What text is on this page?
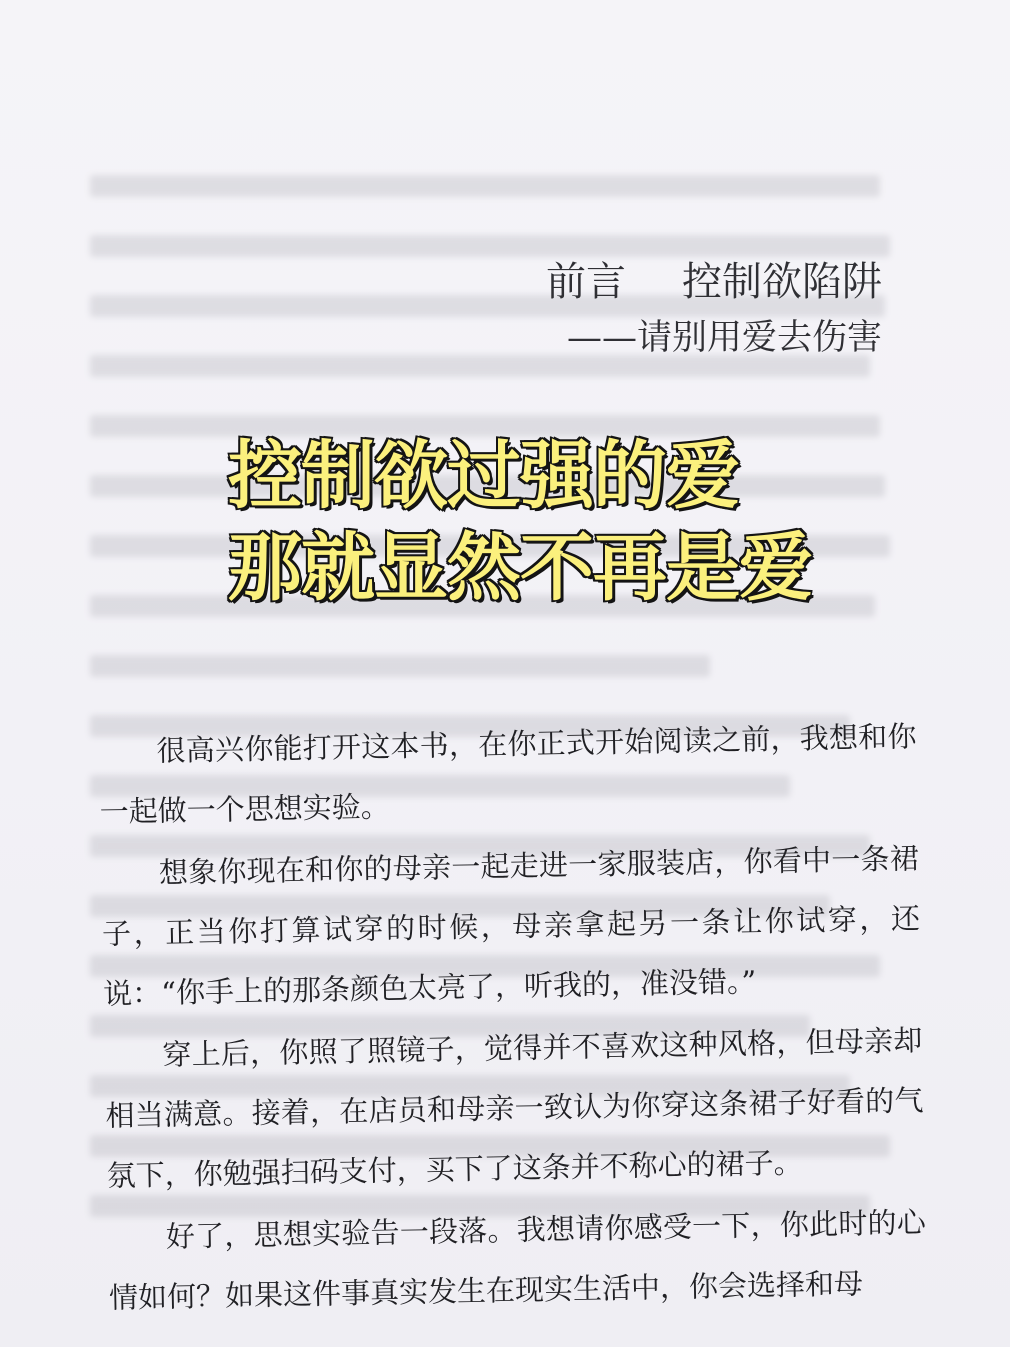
前言 控制欲陷阱
——请别用爱去伤害
控制欲过强的爱
那就显然不再是爱

很高兴你能打开这本书，在你正式开始阅读之前，我想和你一起做一个思想实验。

想象你现在和你的母亲一起走进一家服装店，你看中一条裙子，正当你打算试穿的时候，母亲拿起另一条让你试穿，还说：“你手上的那条颜色太亮了，听我的，准没错。”

穿上后，你照了照镜子，觉得并不喜欢这种风格，但母亲却相当满意。接着，在店员和母亲一致认为你穿这条裙子好看的气氛下，你勉强扫码支付，买下了这条并不称心的裙子。

好了，思想实验告一段落。我想请你感受一下，你此时的心情如何？如果这件事真实发生在现实生活中，你会选择和母
